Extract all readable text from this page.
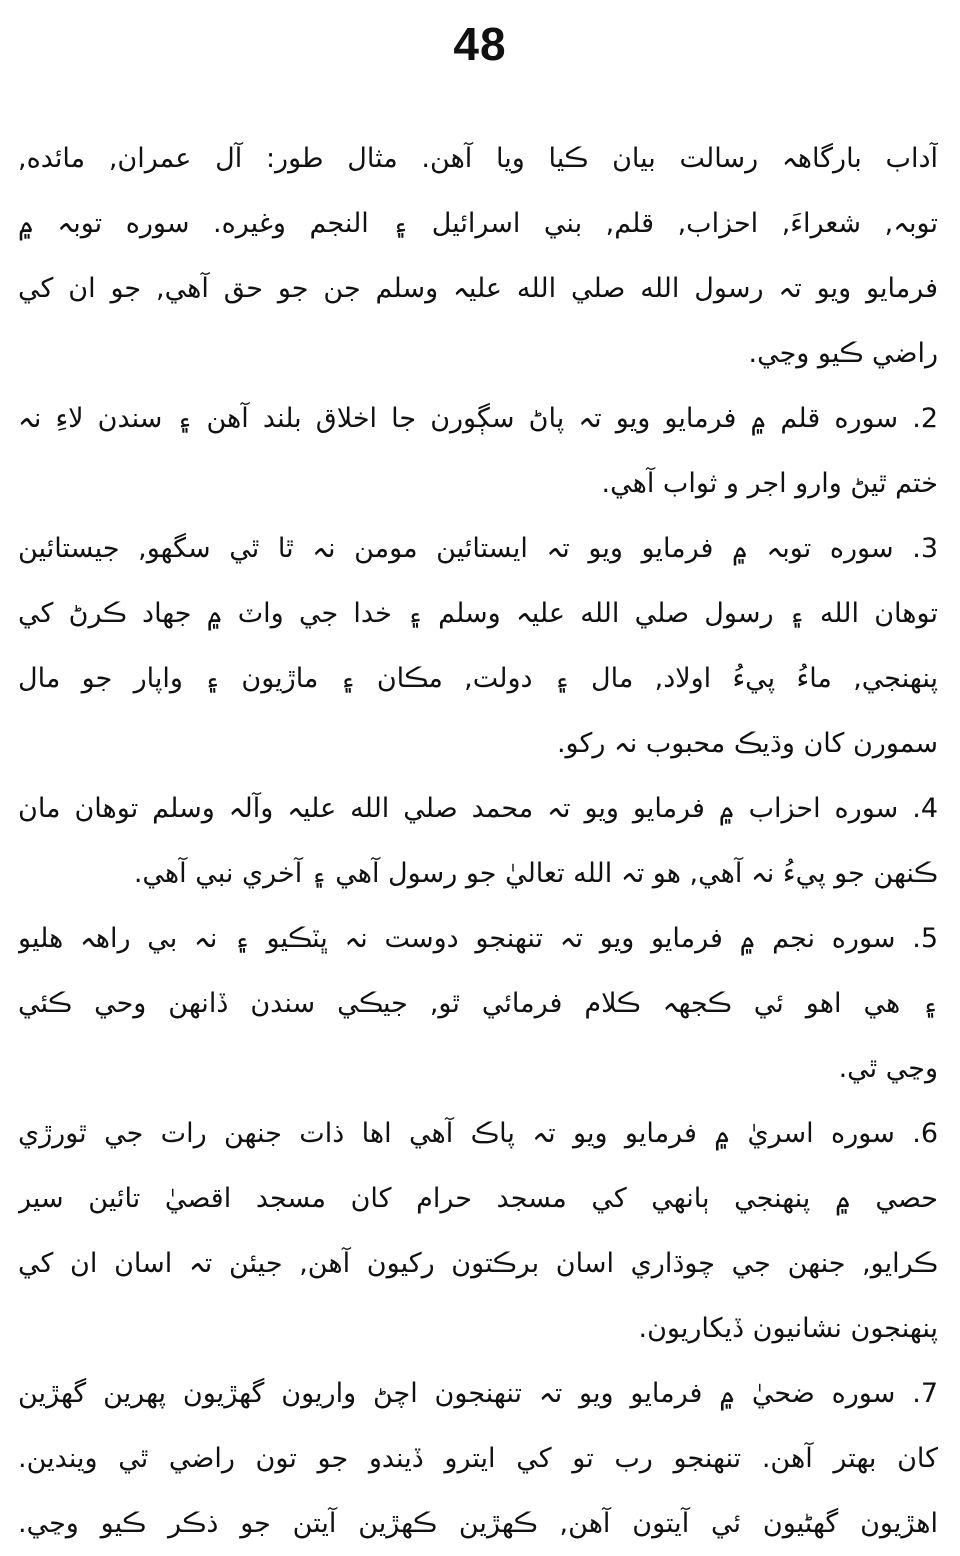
48
آداب بارگاهہ رسالت بيان ڪيا ويا آهن. مثال طور: آل عمران, مائده,
توبہ, شعراءَ, احزاب, قلم, بني اسرائيل ۽ النجم وغيره. سوره توبہ ۾
فرمايو ويو تہ رسول الله صلي الله عليہ وسلم جن جو حق آهي, جو ان کي
راضي ڪيو وڃي.
2. سوره قلم ۾ فرمايو ويو تہ پاڻ سڳورن جا اخلاق بلند آهن ۽ سندن لاءِ نہ
ختم ٿيڻ وارو اجر و ثواب آهي.
3. سوره توبہ ۾ فرمايو ويو تہ ايستائين مومن نہ ٿا ٿي سگهو, جيستائين
توهان الله ۽ رسول صلي الله عليہ وسلم ۽ خدا جي واٽ ۾ جهاد ڪرڻ کي
پنهنجي, ماءُ پيءُ اولاد, مال ۽ دولت, مڪان ۽ ماڙيون ۽ واپار جو مال
سمورن کان وڌيڪ محبوب نہ رکو.
4. سوره احزاب ۾ فرمايو ويو تہ محمد صلي الله عليہ وآلہ وسلم توهان مان
ڪنهن جو پيءُ نہ آهي, هو تہ الله تعاليٰ جو رسول آهي ۽ آخري نبي آهي.
5. سوره نجم ۾ فرمايو ويو تہ تنهنجو دوست نہ ڀٽڪيو ۽ نہ بي راهہ هليو
۽ هي اهو ئي ڪجهہ ڪلام فرمائي ٿو, جيڪي سندن ڏانهن وحي ڪئي
وڃي ٿي.
6. سوره اسريٰ ۾ فرمايو ويو تہ پاڪ آهي اها ذات جنهن رات جي ٿورڙي
حصي ۾ پنهنجي ٻانهي کي مسجد حرام کان مسجد اقصيٰ تائين سير
ڪرايو, جنهن جي چوڌاري اسان برڪتون رکيون آهن, جيئن تہ اسان ان کي
پنهنجون نشانيون ڏيکاريون.
7. سوره ضحيٰ ۾ فرمايو ويو تہ تنهنجون اچڻ واريون گهڙيون پهرين گهڙين
کان بهتر آهن. تنهنجو رب تو کي ايترو ڏيندو جو تون راضي ٿي ويندين.
اهڙيون گهڻيون ئي آيتون آهن, ڪهڙين ڪهڙين آيتن جو ذڪر ڪيو وڃي.
